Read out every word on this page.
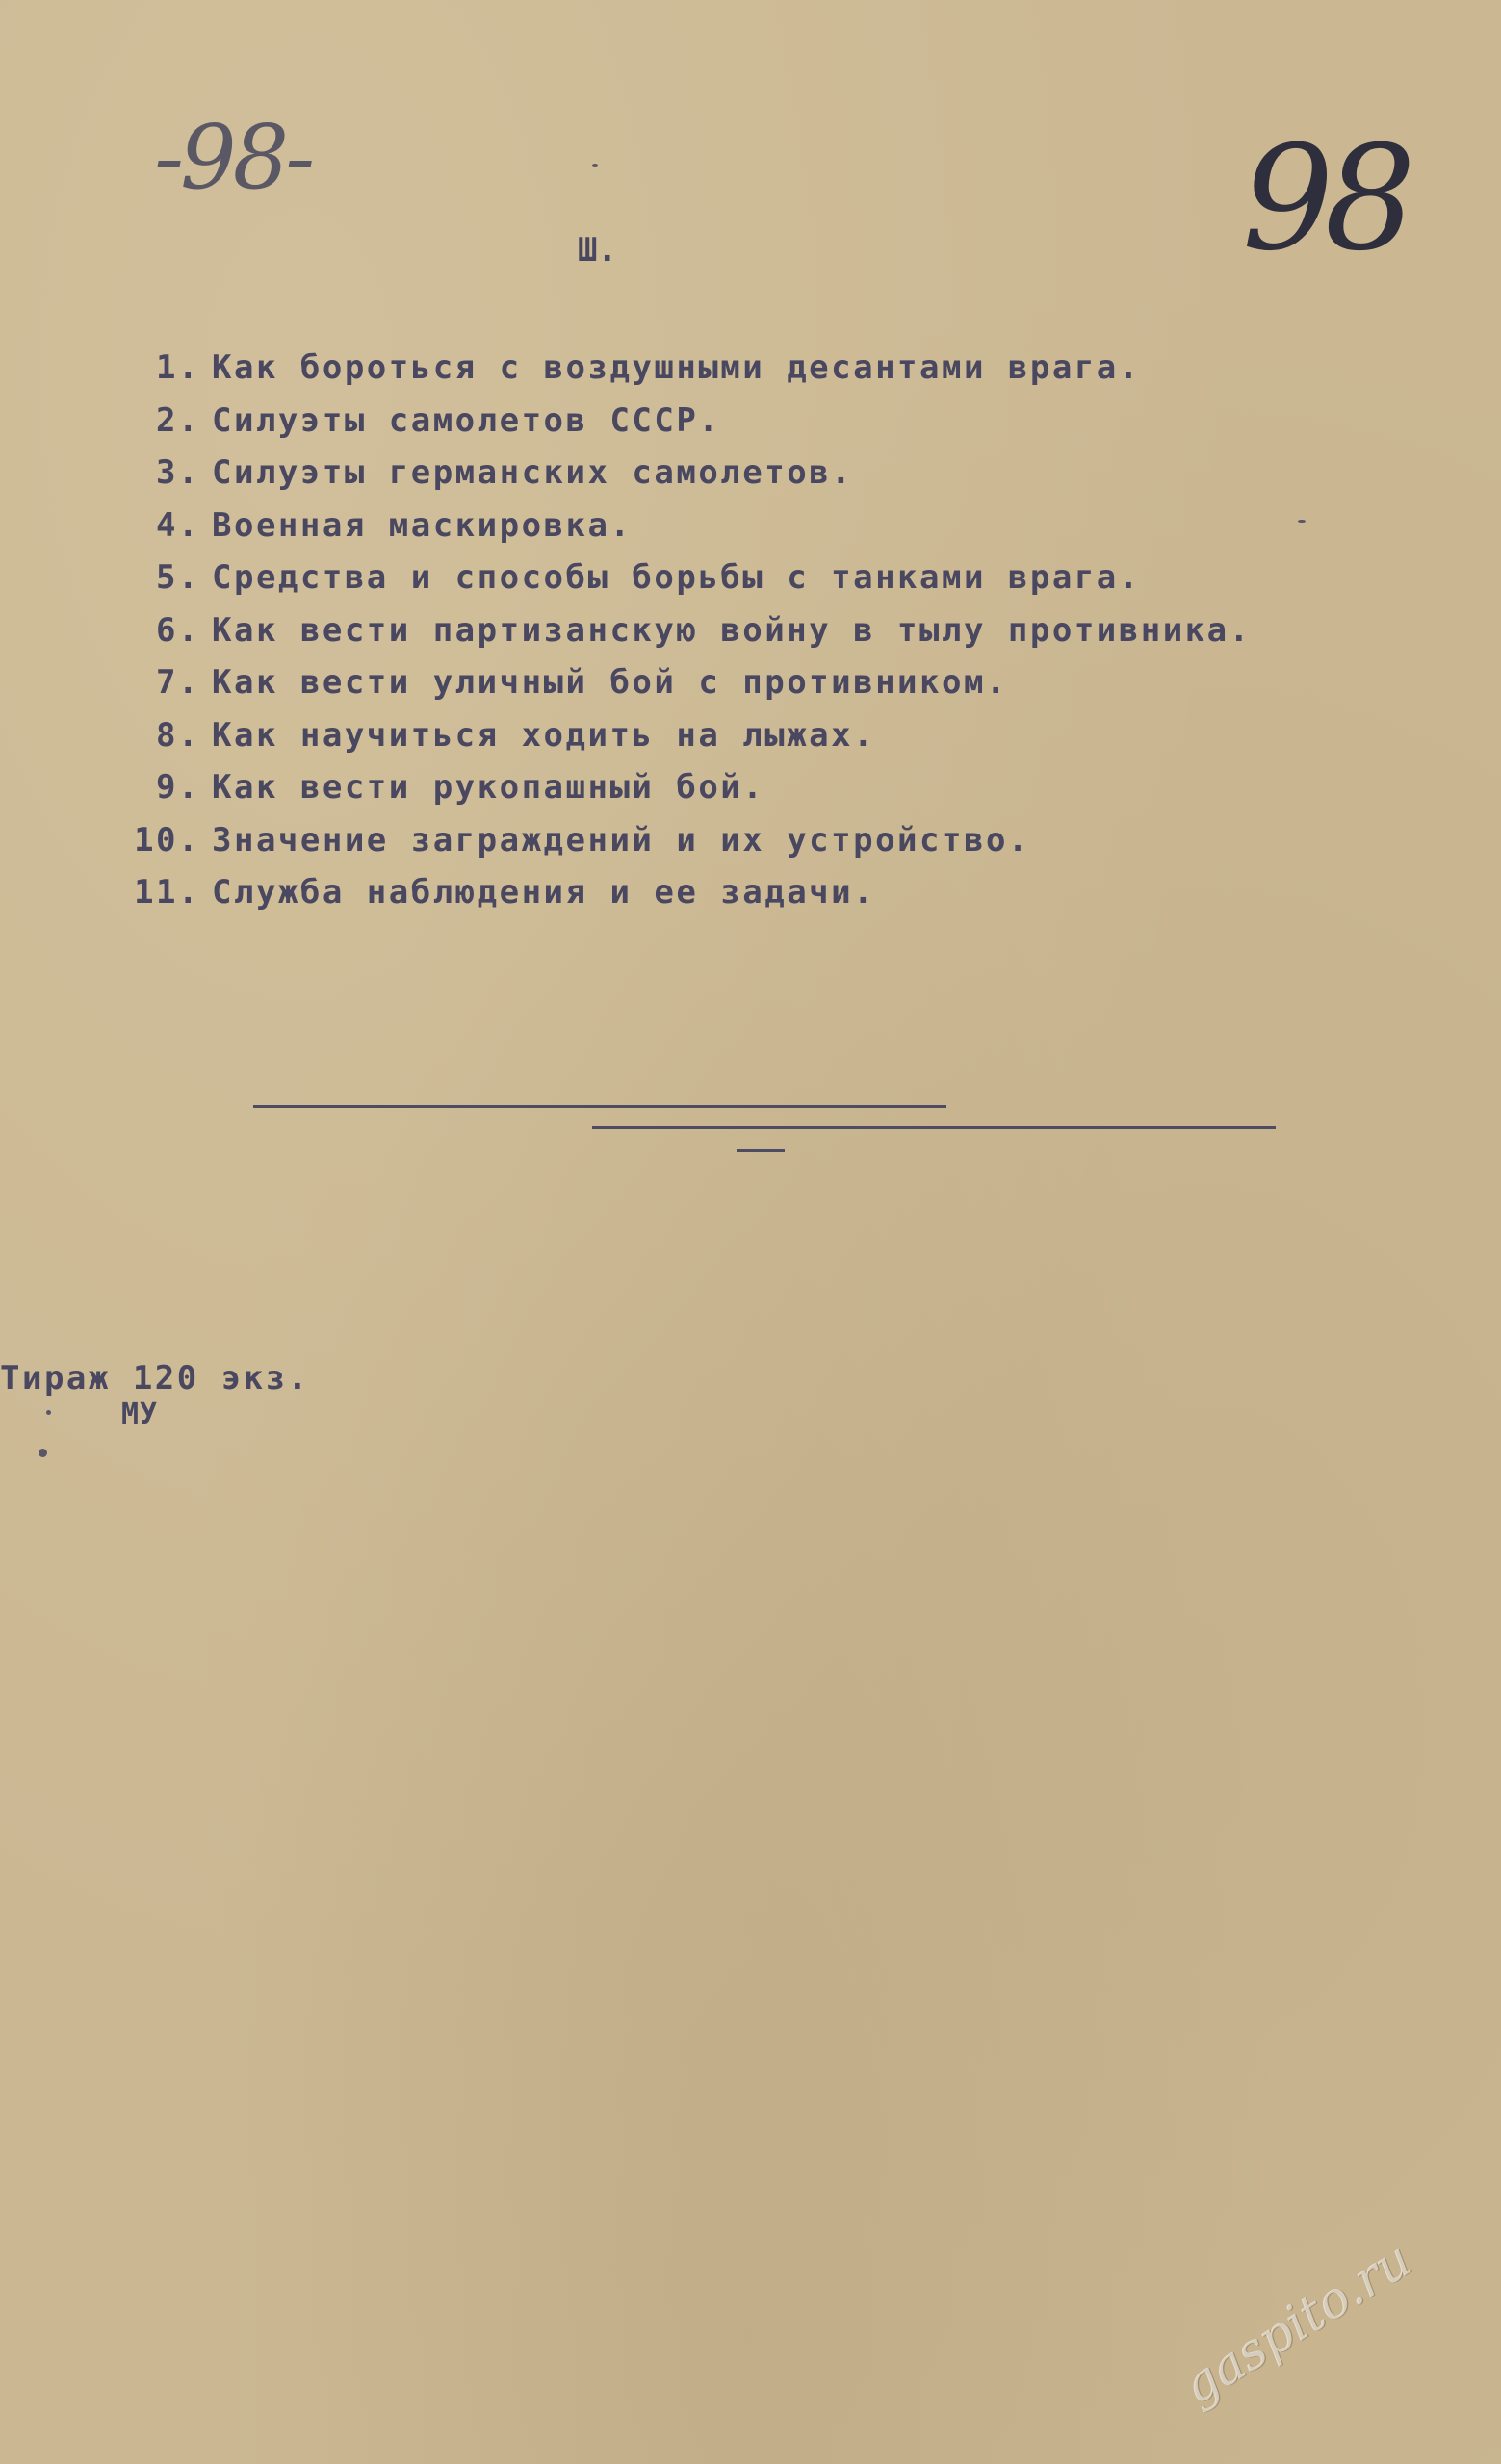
-98-	98
Ш.
1. Как бороться с воздушными десантами врага.
2. Силуэты самолетов СССР.
3. Силуэты германских самолетов.
4. Военная маскировка.
5. Средства и способы борьбы с танками врага.
6. Как вести партизанскую войну в тылу противника.
7. Как вести уличный бой с противником.
8. Как научиться ходить на лыжах.
9. Как вести рукопашный бой.
10. Значение заграждений и их устройство.
11. Служба наблюдения и ее задачи.
Тираж 120 экз.
МУ
gaspito.ru
